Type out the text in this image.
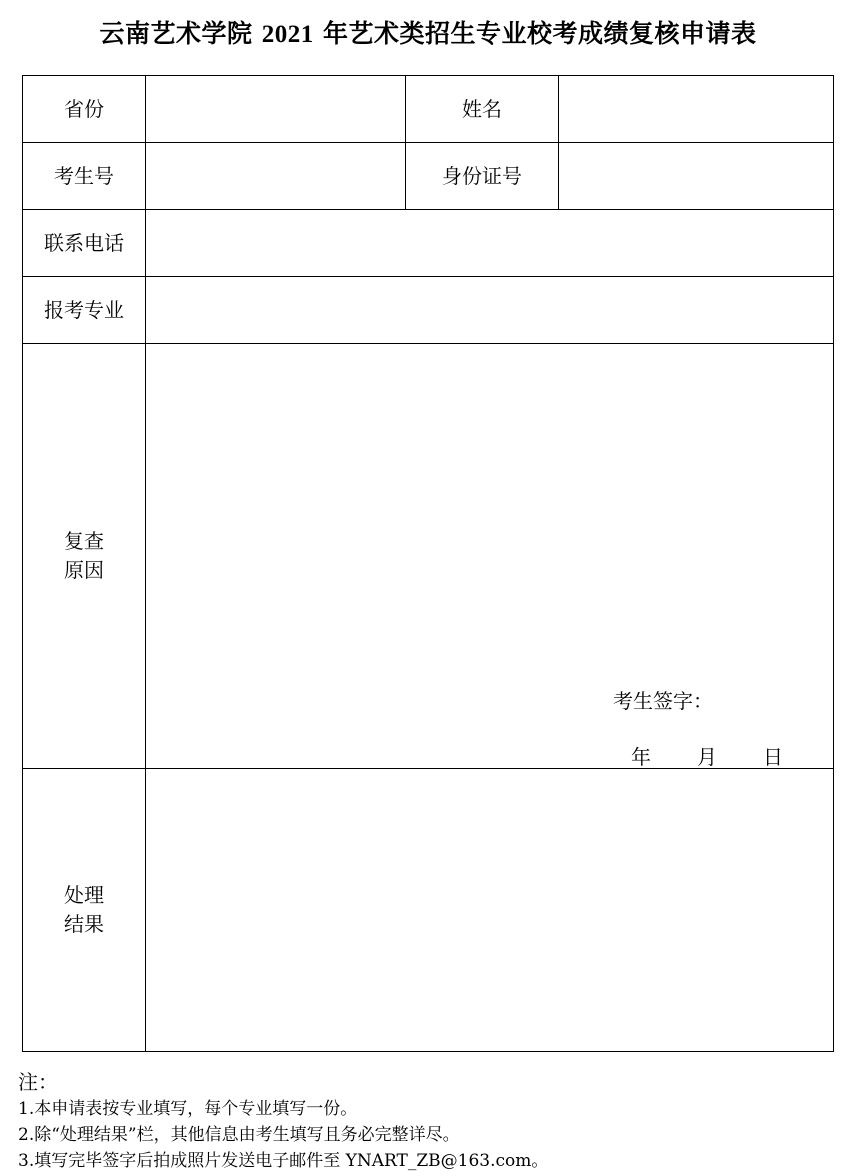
云南艺术学院 2021 年艺术类招生专业校考成绩复核申请表
省份	姓名
考生号	身份证号
联系电话
报考专业
复查
原因
考生签字：
年 月 日
处理
结果
注：
1.本申请表按专业填写，每个专业填写一份。
2.除“处理结果”栏，其他信息由考生填写且务必完整详尽。
3.填写完毕签字后拍成照片发送电子邮件至 YNART_ZB@163.com。
